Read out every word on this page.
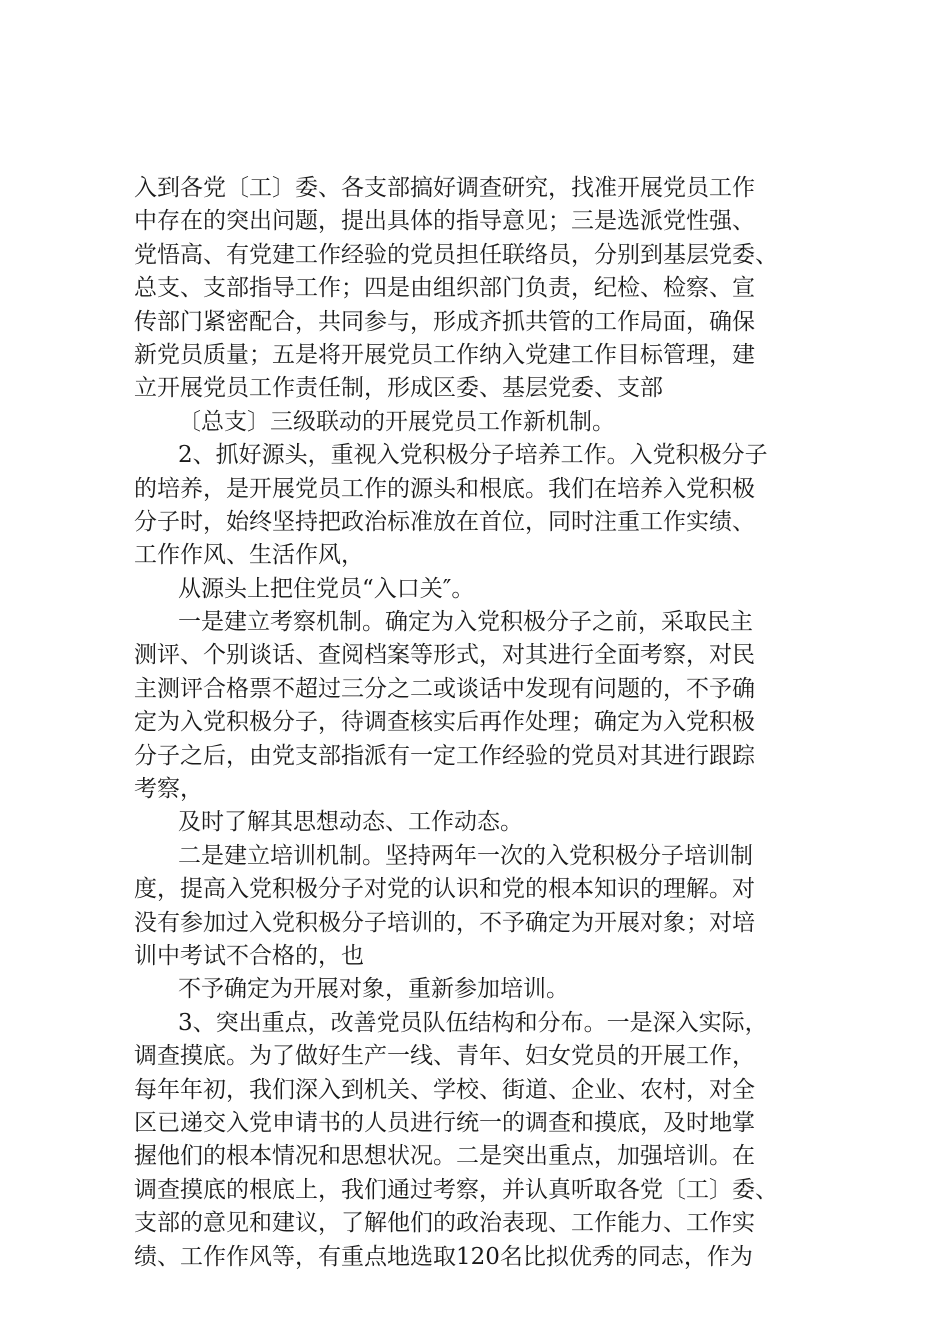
入到各党〔工〕委、各支部搞好调查研究，找准开展党员工作
中存在的突出问题，提出具体的指导意见；三是选派党性强、
党悟高、有党建工作经验的党员担任联络员，分别到基层党委、
总支、支部指导工作；四是由组织部门负责，纪检、检察、宣
传部门紧密配合，共同参与，形成齐抓共管的工作局面，确保
新党员质量；五是将开展党员工作纳入党建工作目标管理，建
立开展党员工作责任制，形成区委、基层党委、支部
〔总支〕三级联动的开展党员工作新机制。
2、抓好源头，重视入党积极分子培养工作。入党积极分子
的培养，是开展党员工作的源头和根底。我们在培养入党积极
分子时，始终坚持把政治标准放在首位，同时注重工作实绩、
工作作风、生活作风，
从源头上把住党员“入口关″。
一是建立考察机制。确定为入党积极分子之前，采取民主
测评、个别谈话、查阅档案等形式，对其进行全面考察，对民
主测评合格票不超过三分之二或谈话中发现有问题的，不予确
定为入党积极分子，待调查核实后再作处理；确定为入党积极
分子之后，由党支部指派有一定工作经验的党员对其进行跟踪
考察，
及时了解其思想动态、工作动态。
二是建立培训机制。坚持两年一次的入党积极分子培训制
度，提高入党积极分子对党的认识和党的根本知识的理解。对
没有参加过入党积极分子培训的，不予确定为开展对象；对培
训中考试不合格的，也
不予确定为开展对象，重新参加培训。
3、突出重点，改善党员队伍结构和分布。一是深入实际，
调查摸底。为了做好生产一线、青年、妇女党员的开展工作，
每年年初，我们深入到机关、学校、街道、企业、农村，对全
区已递交入党申请书的人员进行统一的调查和摸底，及时地掌
握他们的根本情况和思想状况。二是突出重点，加强培训。在
调查摸底的根底上，我们通过考察，并认真听取各党〔工〕委、
支部的意见和建议，了解他们的政治表现、工作能力、工作实
绩、工作作风等，有重点地选取120名比拟优秀的同志，作为
